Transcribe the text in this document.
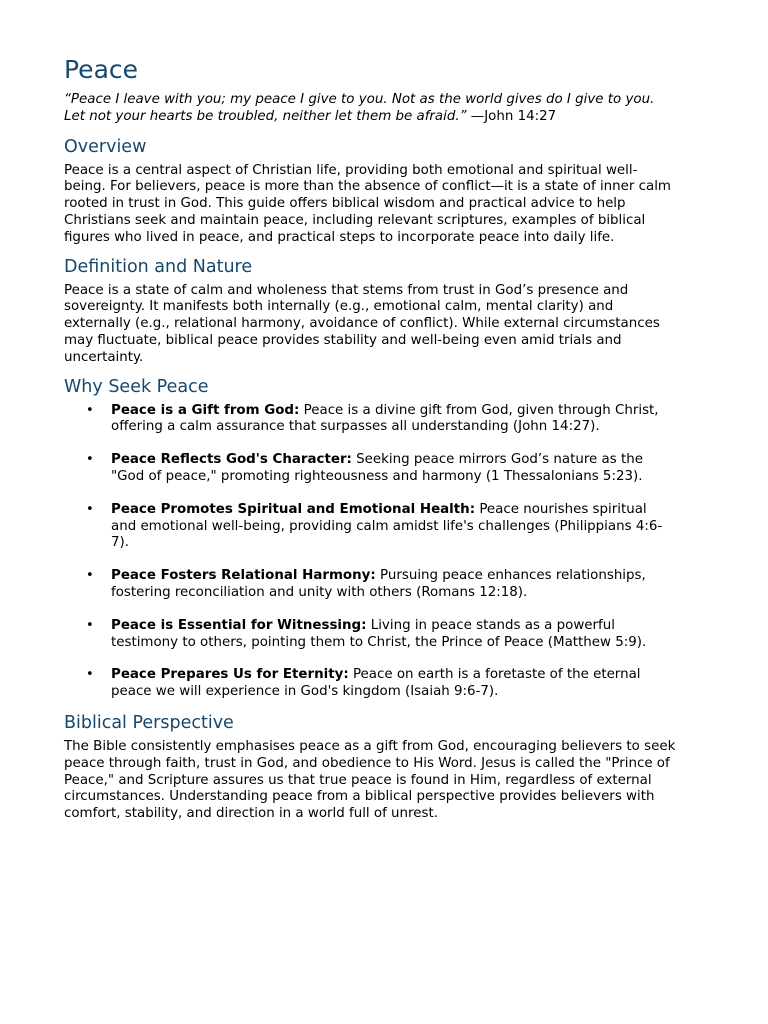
Peace

“Peace I leave with you; my peace I give to you. Not as the world gives do I give to you. Let not your hearts be troubled, neither let them be afraid.” —John 14:27

Overview

Peace is a central aspect of Christian life, providing both emotional and spiritual well-being. For believers, peace is more than the absence of conflict—it is a state of inner calm rooted in trust in God. This guide offers biblical wisdom and practical advice to help Christians seek and maintain peace, including relevant scriptures, examples of biblical figures who lived in peace, and practical steps to incorporate peace into daily life.

Definition and Nature

Peace is a state of calm and wholeness that stems from trust in God’s presence and sovereignty. It manifests both internally (e.g., emotional calm, mental clarity) and externally (e.g., relational harmony, avoidance of conflict). While external circumstances may fluctuate, biblical peace provides stability and well-being even amid trials and uncertainty.

Why Seek Peace
• Peace is a Gift from God: Peace is a divine gift from God, given through Christ, offering a calm assurance that surpasses all understanding (John 14:27).
• Peace Reflects God's Character: Seeking peace mirrors God’s nature as the "God of peace," promoting righteousness and harmony (1 Thessalonians 5:23).
• Peace Promotes Spiritual and Emotional Health: Peace nourishes spiritual and emotional well-being, providing calm amidst life's challenges (Philippians 4:6-7).
• Peace Fosters Relational Harmony: Pursuing peace enhances relationships, fostering reconciliation and unity with others (Romans 12:18).
• Peace is Essential for Witnessing: Living in peace stands as a powerful testimony to others, pointing them to Christ, the Prince of Peace (Matthew 5:9).
• Peace Prepares Us for Eternity: Peace on earth is a foretaste of the eternal peace we will experience in God's kingdom (Isaiah 9:6-7).
Biblical Perspective

The Bible consistently emphasises peace as a gift from God, encouraging believers to seek peace through faith, trust in God, and obedience to His Word. Jesus is called the "Prince of Peace," and Scripture assures us that true peace is found in Him, regardless of external circumstances. Understanding peace from a biblical perspective provides believers with comfort, stability, and direction in a world full of unrest.
